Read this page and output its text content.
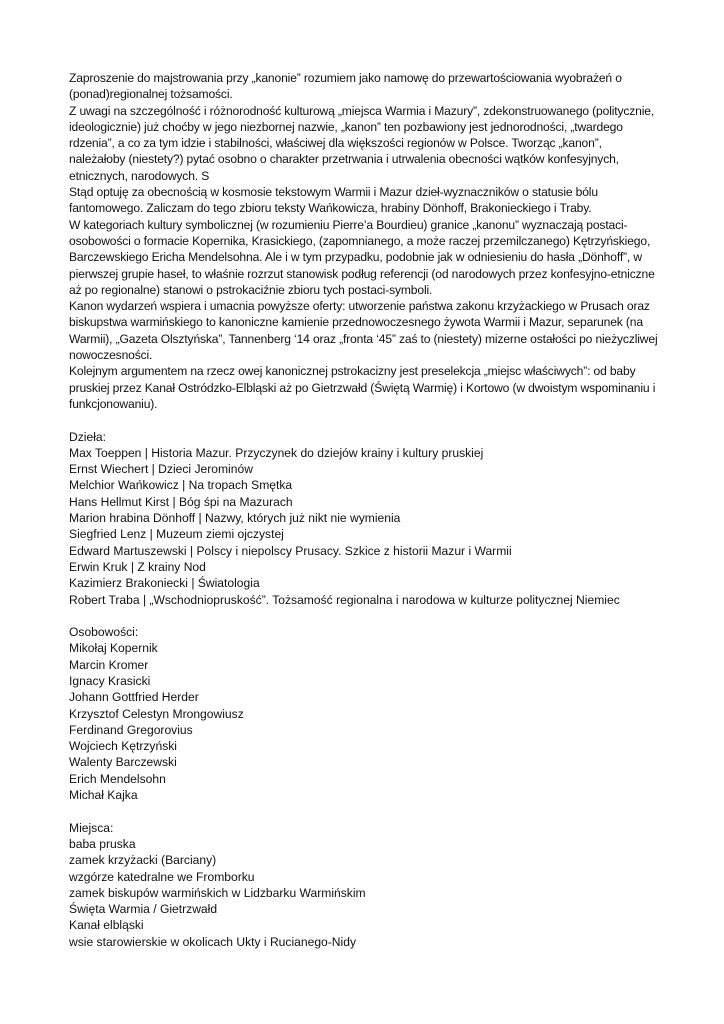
Zaproszenie do majstrowania przy „kanonie” rozumiem jako namowę do przewartościowania wyobrażeń o (ponad)regionalnej tożsamości.

Z uwagi na szczególność i różnorodność kulturową „miejsca Warmia i Mazury”, zdekonstruowanego (politycznie, ideologicznie) już choćby w jego niezbornej nazwie, „kanon” ten pozbawiony jest jednorodności, „twardego rdzenia”, a co za tym idzie i stabilności, właściwej dla większości regionów w Polsce. Tworząc „kanon”, należałoby (niestety?) pytać osobno o charakter przetrwania i utrwalenia obecności wątków konfesyjnych, etnicznych, narodowych. S

Stąd optuję za obecnością w kosmosie tekstowym Warmii i Mazur dzieł-wyznaczników o statusie bólu fantomowego. Zaliczam do tego zbioru teksty Wańkowicza, hrabiny Dönhoff, Brakonieckiego i Traby.

W kategoriach kultury symbolicznej (w rozumieniu Pierre’a Bourdieu) granice „kanonu” wyznaczają postaci-osobowości o formacie Kopernika, Krasickiego, (zapomnianego, a może raczej przemilczanego) Kętrzyńskiego, Barczewskiego Ericha Mendelsohna. Ale i w tym przypadku, podobnie jak w odniesieniu do hasła „Dönhoff”, w pierwszej grupie haseł, to właśnie rozrzut stanowisk podług referencji (od narodowych przez konfesyjno-etniczne aż po regionalne) stanowi o pstrokaciźnie zbioru tych postaci-symboli.

Kanon wydarzeń wspiera i umacnia powyższe oferty: utworzenie państwa zakonu krzyżackiego w Prusach oraz biskupstwa warmińskiego to kanoniczne kamienie przednowoczesnego żywota Warmii i Mazur, separunek (na Warmii), „Gazeta Olsztyńska”, Tannenberg ‘14 oraz „fronta ‘45” zaś to (niestety) mizerne ostałości po nieżyczliwej nowoczesności.

Kolejnym argumentem na rzecz owej kanonicznej pstrokacizny jest preselekcja „miejsc właściwych”: od baby pruskiej przez Kanał Ostródzko-Elbląski aż po Gietrzwałd (Świętą Warmię) i Kortowo (w dwoistym wspominaniu i funkcjonowaniu).

Dzieła:

Max Toeppen | Historia Mazur. Przyczynek do dziejów krainy i kultury pruskiej

Ernst Wiechert | Dzieci Jerominów

Melchior Wańkowicz | Na tropach Smętka

Hans Hellmut Kirst | Bóg śpi na Mazurach

Marion hrabina Dönhoff | Nazwy, których już nikt nie wymienia

Siegfried Lenz | Muzeum ziemi ojczystej

Edward Martuszewski | Polscy i niepolscy Prusacy. Szkice z historii Mazur i Warmii

Erwin Kruk | Z krainy Nod

Kazimierz Brakoniecki | Światologia

Robert Traba | „Wschodniopruskość”. Tożsamość regionalna i narodowa w kulturze politycznej Niemiec

Osobowości:

Mikołaj Kopernik

Marcin Kromer

Ignacy Krasicki

Johann Gottfried Herder

Krzysztof Celestyn Mrongowiusz

Ferdinand Gregorovius

Wojciech Kętrzyński

Walenty Barczewski

Erich Mendelsohn

Michał Kajka

Miejsca:

baba pruska

zamek krzyżacki (Barciany)

wzgórze katedralne we Fromborku

zamek biskupów warmińskich w Lidzbarku Warmińskim

Święta Warmia / Gietrzwałd

Kanał elbląski

wsie starowierskie w okolicach Ukty i Rucianego-Nidy
